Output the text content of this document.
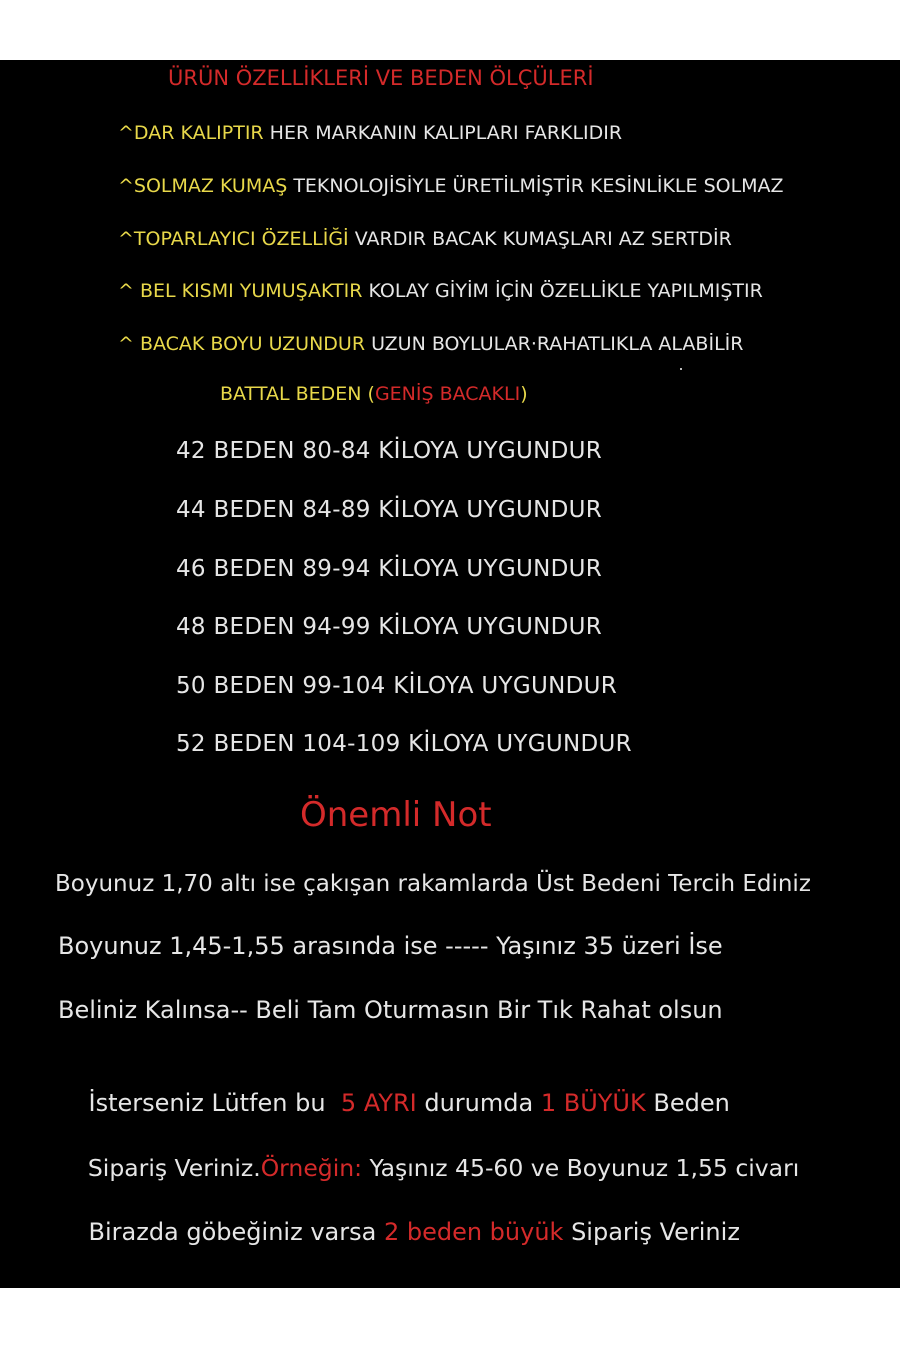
ÜRÜN ÖZELLİKLERİ VE BEDEN ÖLÇÜLERİ
^DAR KALIPTIR HER MARKANIN KALIPLARI FARKLIDIR
^SOLMAZ KUMAŞ TEKNOLOJİSİYLE ÜRETİLMİŞTİR KESİNLİKLE SOLMAZ
^TOPARLAYICI ÖZELLİĞİ VARDIR BACAK KUMAŞLARI AZ SERTDİR
^ BEL KISMI YUMUŞAKTIR KOLAY GİYİM İÇİN ÖZELLİKLE YAPILMIŞTIR
^ BACAK BOYU UZUNDUR UZUN BOYLULAR·RAHATLIKLA ALABİLİR
BATTAL BEDEN (GENİŞ BACAKLI)
42 BEDEN 80-84 KİLOYA UYGUNDUR
44 BEDEN 84-89 KİLOYA UYGUNDUR
46 BEDEN 89-94 KİLOYA UYGUNDUR
48 BEDEN 94-99 KİLOYA UYGUNDUR
50 BEDEN 99-104 KİLOYA UYGUNDUR
52 BEDEN 104-109 KİLOYA UYGUNDUR
Önemli Not
Boyunuz 1,70 altı ise çakışan rakamlarda Üst Bedeni Tercih Ediniz
Boyunuz 1,45-1,55 arasında ise ----- Yaşınız 35 üzeri İse
Beliniz Kalınsa-- Beli Tam Oturmasın Bir Tık Rahat olsun

İsterseniz Lütfen bu  5 AYRI durumda 1 BÜYÜK Beden

Sipariş Veriniz.Örneğin: Yaşınız 45-60 ve Boyunuz 1,55 civarı

Birazda göbeğiniz varsa 2 beden büyük Sipariş Veriniz
